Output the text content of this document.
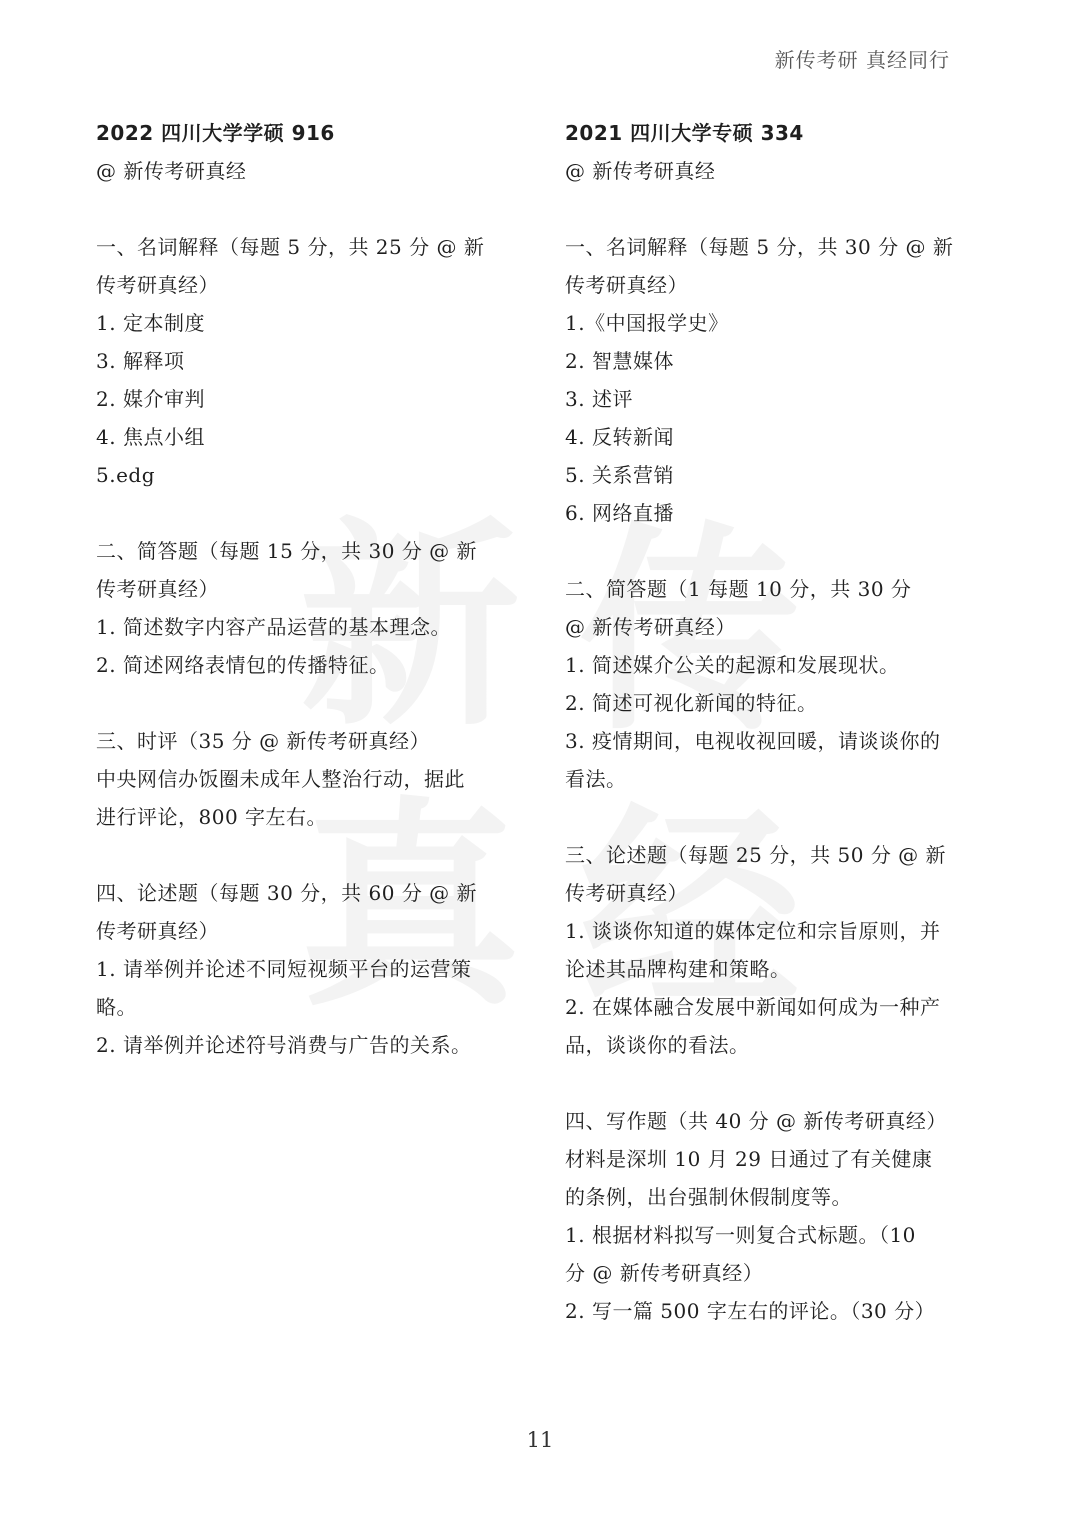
新传考研 真经同行
2022 四川大学学硕 916
@ 新传考研真经
一、名词解释（每题 5 分，共 25 分 @ 新
传考研真经）
1. 定本制度
3. 解释项
2. 媒介审判
4. 焦点小组
5.edg
二、简答题（每题 15 分，共 30 分 @ 新
传考研真经）
1. 简述数字内容产品运营的基本理念。
2. 简述网络表情包的传播特征。
三、时评（35 分 @ 新传考研真经）
中央网信办饭圈未成年人整治行动，据此
进行评论，800 字左右。
四、论述题（每题 30 分，共 60 分 @ 新
传考研真经）
1. 请举例并论述不同短视频平台的运营策
略。
2. 请举例并论述符号消费与广告的关系。
2021 四川大学专硕 334
@ 新传考研真经
一、名词解释（每题 5 分，共 30 分 @ 新
传考研真经）
1.《中国报学史》
2. 智慧媒体
3. 述评
4. 反转新闻
5. 关系营销
6. 网络直播
二、简答题（1 每题 10 分，共 30 分
@ 新传考研真经）
1. 简述媒介公关的起源和发展现状。
2. 简述可视化新闻的特征。
3. 疫情期间，电视收视回暖，请谈谈你的
看法。
三、论述题（每题 25 分，共 50 分 @ 新
传考研真经）
1. 谈谈你知道的媒体定位和宗旨原则，并
论述其品牌构建和策略。
2. 在媒体融合发展中新闻如何成为一种产
品，谈谈你的看法。
四、写作题（共 40 分 @ 新传考研真经）
材料是深圳 10 月 29 日通过了有关健康
的条例，出台强制休假制度等。
1. 根据材料拟写一则复合式标题。（10
分 @ 新传考研真经）
2. 写一篇 500 字左右的评论。（30 分）
11
